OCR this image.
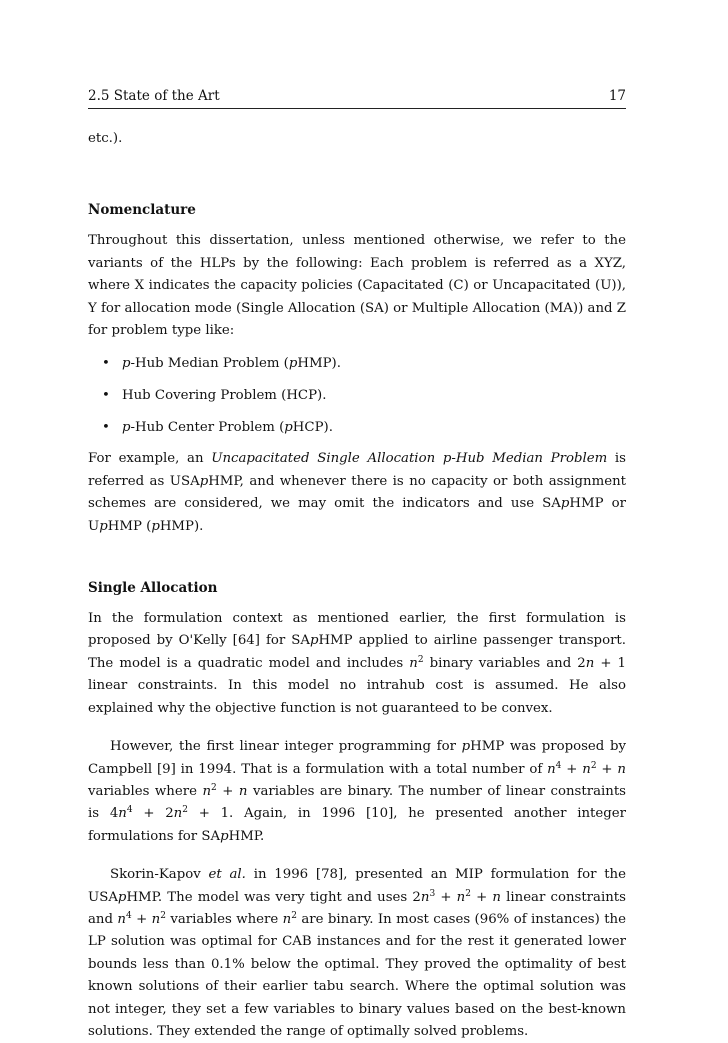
2.5 State of the Art	17

etc.).

Nomenclature

Throughout this dissertation, unless mentioned otherwise, we refer to the variants of the HLPs by the following: Each problem is referred as a XYZ, where X indicates the capacity policies (Capacitated (C) or Uncapacitated (U)), Y for allocation mode (Single Allocation (SA) or Multiple Allocation (MA)) and Z for problem type like:

• p-Hub Median Problem (pHMP).
• Hub Covering Problem (HCP).
• p-Hub Center Problem (pHCP).

For example, an Uncapacitated Single Allocation p-Hub Median Problem is referred as USApHMP, and whenever there is no capacity or both assignment schemes are considered, we may omit the indicators and use SApHMP or UpHMP (pHMP).

Single Allocation

In the formulation context as mentioned earlier, the first formulation is proposed by O'Kelly [64] for SApHMP applied to airline passenger transport. The model is a quadratic model and includes $n^2$ binary variables and 2n + 1 linear constraints. In this model no intrahub cost is assumed. He also explained why the objective function is not guaranteed to be convex.

However, the first linear integer programming for pHMP was proposed by Campbell [9] in 1994. That is a formulation with a total number of $n^4 + n^2 + n$ variables where $n^2 + n$ variables are binary. The number of linear constraints is $4n^4 + 2n^2 + 1$. Again, in 1996 [10], he presented another integer formulations for SApHMP.

Skorin-Kapov et al. in 1996 [78], presented an MIP formulation for the USApHMP. The model was very tight and uses $2n^3 + n^2 + n$ linear constraints and $n^4 + n^2$ variables where $n^2$ are binary. In most cases (96% of instances) the LP solution was optimal for CAB instances and for the rest it generated lower bounds less than 0.1% below the optimal. They proved the optimality of best known solutions of their earlier tabu search. Where the optimal solution was not integer, they set a few variables to binary values based on the best-known solutions. They extended the range of optimally solved problems.
